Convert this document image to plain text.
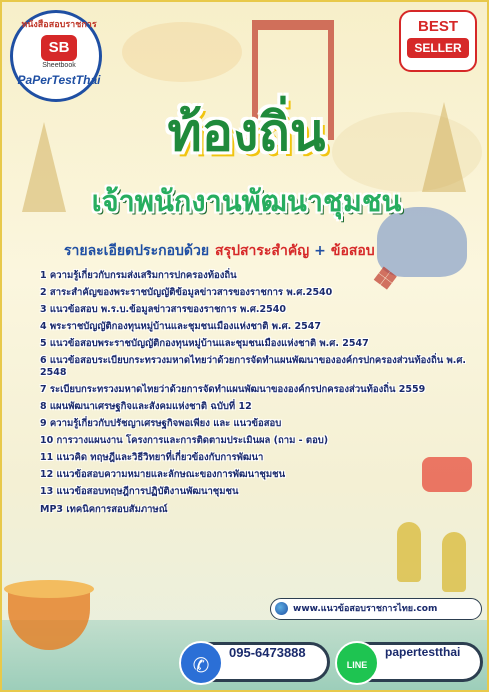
❖
หนังสือสอบราชการ
SB
Sheetbook
PaPerTestThai
BEST
SELLER
ท้องถิ่น
เจ้าพนักงานพัฒนาชุมชน
รายละเอียดประกอบด้วย สรุปสาระสำคัญ + ข้อสอบ
1 ความรู้เกี่ยวกับกรมส่งเสริมการปกครองท้องถิ่น
2 สาระสำคัญของพระราชบัญญัติข้อมูลข่าวสารของราชการ พ.ศ.2540
3 แนวข้อสอบ พ.ร.บ.ข้อมูลข่าวสารของราชการ พ.ศ.2540
4 พระราชบัญญัติกองทุนหมู่บ้านและชุมชนเมืองแห่งชาติ พ.ศ. 2547
5 แนวข้อสอบพระราชบัญญัติกองทุนหมู่บ้านและชุมชนเมืองแห่งชาติ พ.ศ. 2547
6 แนวข้อสอบระเบียบกระทรวงมหาดไทยว่าด้วยการจัดทำแผนพัฒนาขององค์กรปกครองส่วนท้องถิ่น พ.ศ. 2548
7 ระเบียบกระทรวงมหาดไทยว่าด้วยการจัดทำแผนพัฒนาขององค์กรปกครองส่วนท้องถิ่น 2559
8 แผนพัฒนาเศรษฐกิจและสังคมแห่งชาติ ฉบับที่ 12
9 ความรู้เกี่ยวกับปรัชญาเศรษฐกิจพอเพียง และ แนวข้อสอบ
10 การวางแผนงาน โครงการและการติดตามประเมินผล (ถาม - ตอบ)
11 แนวคิด ทฤษฎีและวิธีวิทยาที่เกี่ยวข้องกับการพัฒนา
12 แนวข้อสอบความหมายและลักษณะของการพัฒนาชุมชน
13 แนวข้อสอบทฤษฎีการปฏิบัติงานพัฒนาชุมชน
MP3 เทคนิคการสอบสัมภาษณ์
www.แนวข้อสอบราชการไทย.com
✆
095-6473888
LINE
papertestthai
